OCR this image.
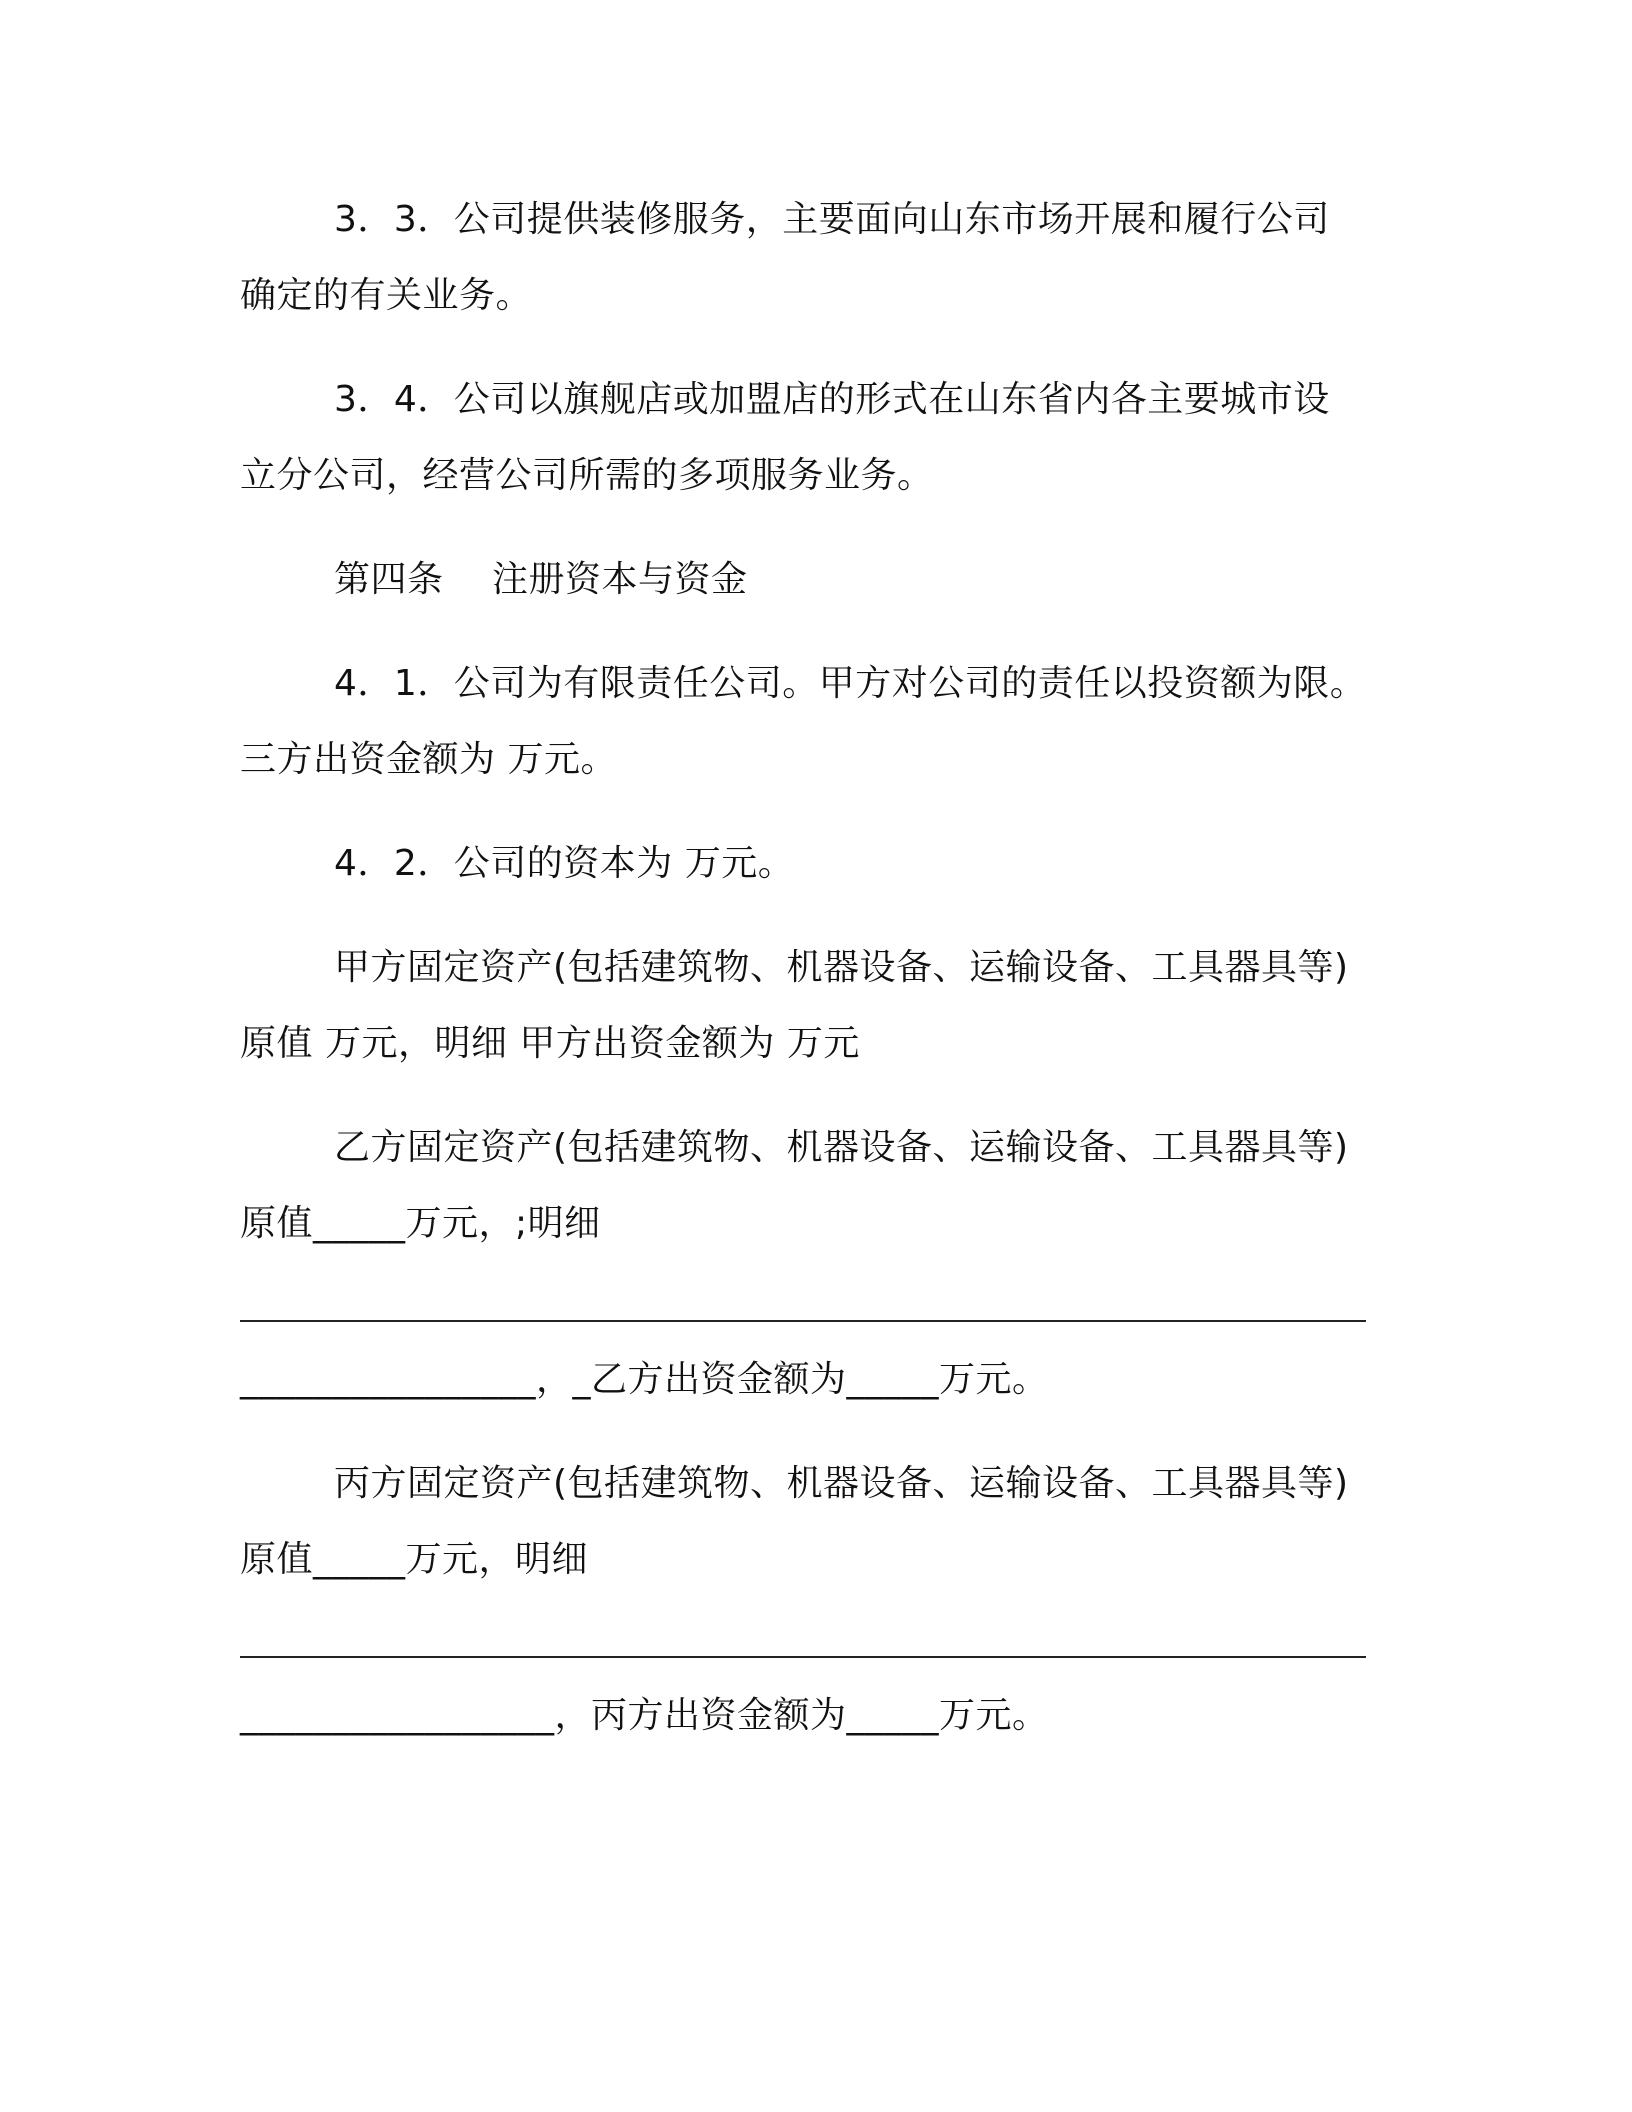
3．3．公司提供装修服务，主要面向山东市场开展和履行公司
确定的有关业务。
3．4．公司以旗舰店或加盟店的形式在山东省内各主要城市设
立分公司，经营公司所需的多项服务业务。
第四条　 注册资本与资金
4．1．公司为有限责任公司。甲方对公司的责任以投资额为限。
三方出资金额为 万元。
4．2．公司的资本为 万元。
甲方固定资产(包括建筑物、机器设备、运输设备、工具器具等)
原值 万元，明细 甲方出资金额为 万元
乙方固定资产(包括建筑物、机器设备、运输设备、工具器具等)
原值_____万元，;明细
________________，_乙方出资金额为_____万元。
丙方固定资产(包括建筑物、机器设备、运输设备、工具器具等)
原值_____万元，明细
_________________，丙方出资金额为_____万元。
